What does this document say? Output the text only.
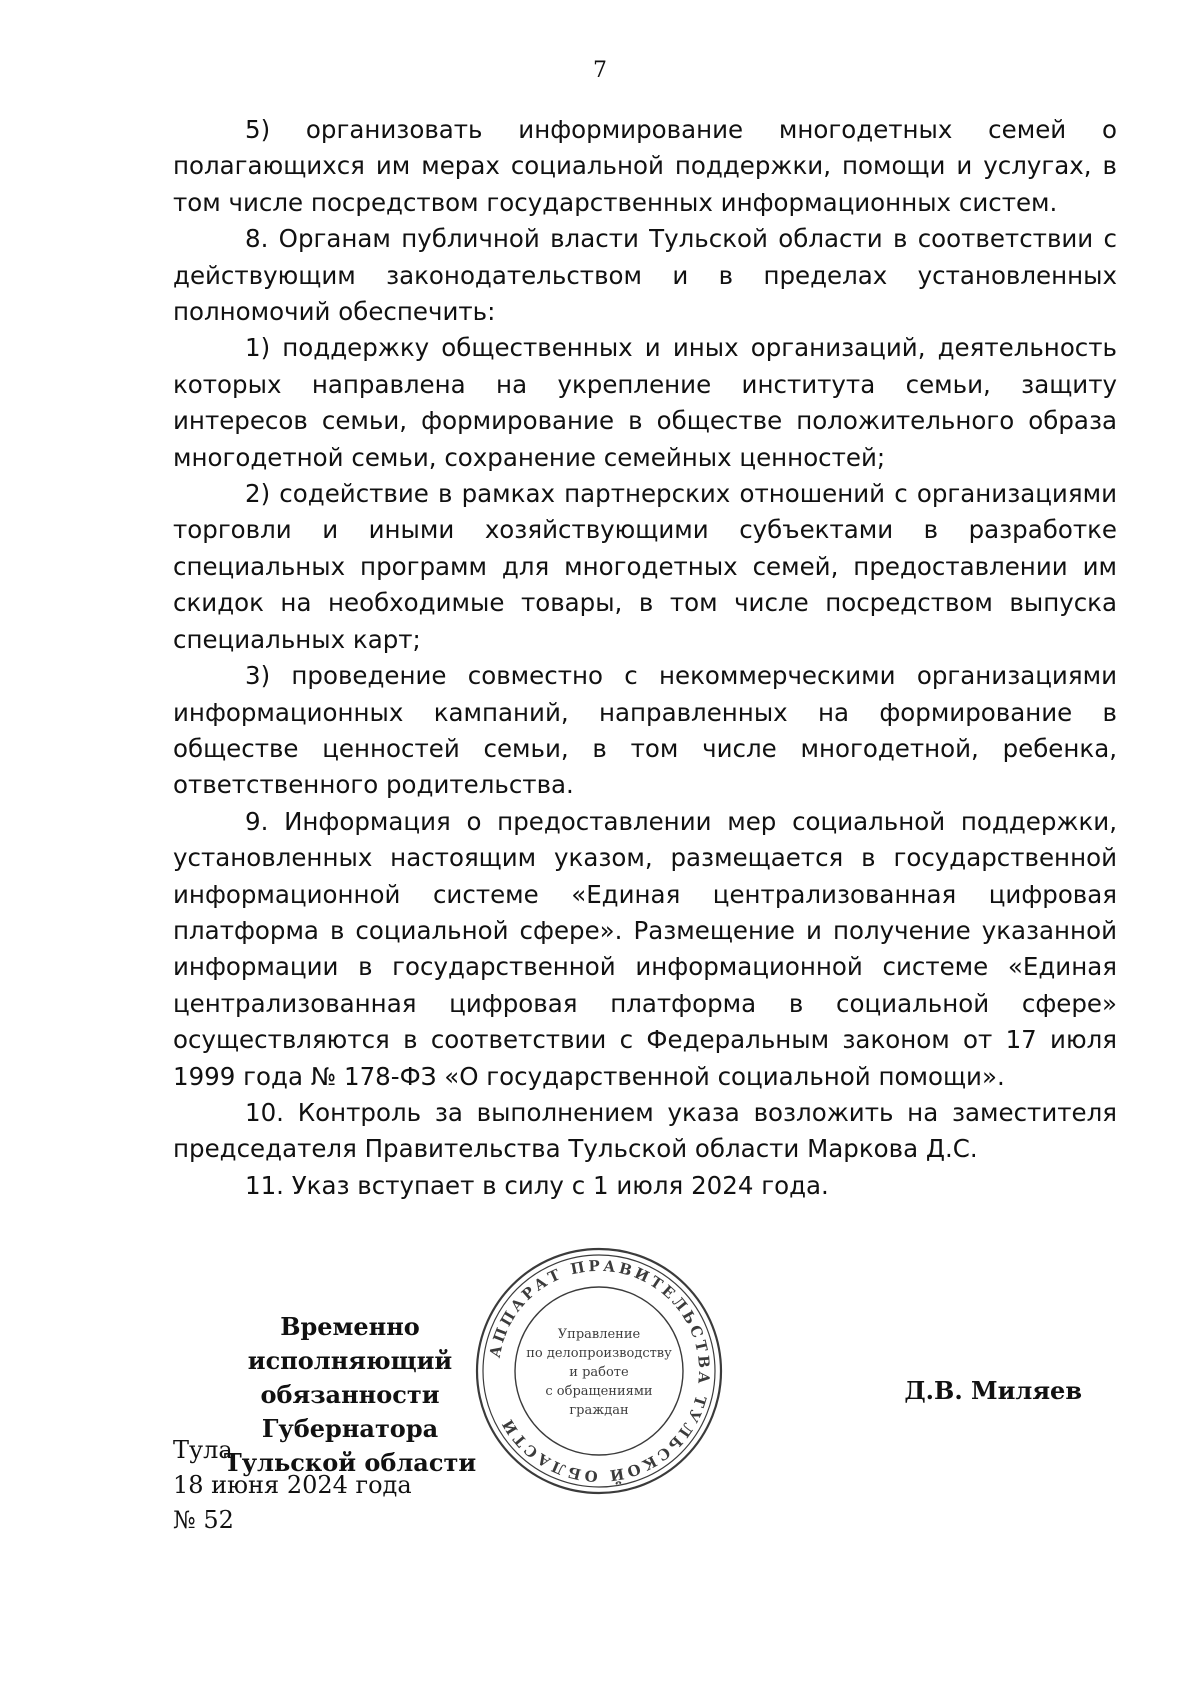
7

5) организовать информирование многодетных семей о полагающихся им мерах социальной поддержки, помощи и услугах, в том числе посредством государственных информационных систем.

8. Органам публичной власти Тульской области в соответствии с действующим законодательством и в пределах установленных полномочий обеспечить:

1) поддержку общественных и иных организаций, деятельность которых направлена на укрепление института семьи, защиту интересов семьи, формирование в обществе положительного образа многодетной семьи, сохранение семейных ценностей;

2) содействие в рамках партнерских отношений с организациями торговли и иными хозяйствующими субъектами в разработке специальных программ для многодетных семей, предоставлении им скидок на необходимые товары, в том числе посредством выпуска специальных карт;

3) проведение совместно с некоммерческими организациями информационных кампаний, направленных на формирование в обществе ценностей семьи, в том числе многодетной, ребенка, ответственного родительства.

9. Информация о предоставлении мер социальной поддержки, установленных настоящим указом, размещается в государственной информационной системе «Единая централизованная цифровая платформа в социальной сфере». Размещение и получение указанной информации в государственной информационной системе «Единая централизованная цифровая платформа в социальной сфере» осуществляются в соответствии с Федеральным законом от 17 июля 1999 года № 178-ФЗ «О государственной социальной помощи».

10. Контроль за выполнением указа возложить на заместителя председателя Правительства Тульской области Маркова Д.С.

11. Указ вступает в силу с 1 июля 2024 года.

Временно исполняющий
обязанности Губернатора
Тульской области
АППАРАТ ПРАВИТЕЛЬСТВА ТУЛЬСКОЙ ОБЛАСТИ
Управление
по делопроизводству
и работе
с обращениями
граждан
Д.В. Миляев
Тула
18 июня 2024 года
№ 52
